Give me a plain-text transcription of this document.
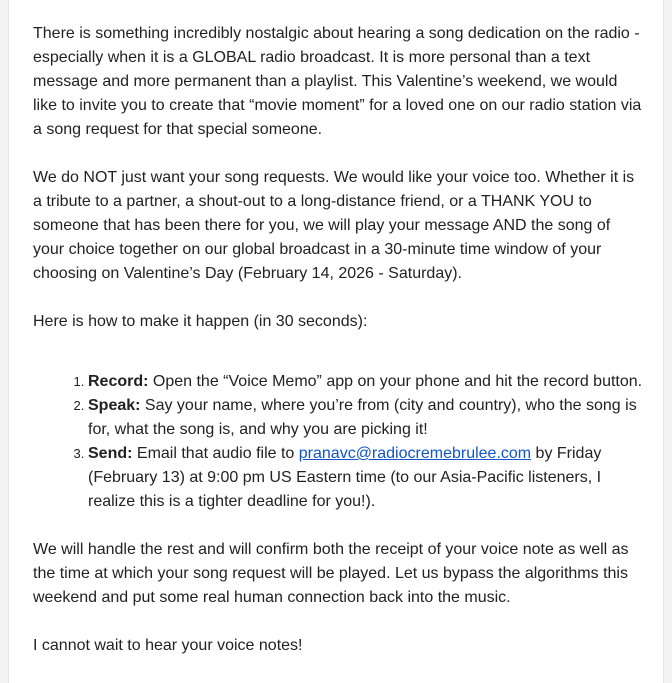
There is something incredibly nostalgic about hearing a song dedication on the radio - especially when it is a GLOBAL radio broadcast. It is more personal than a text message and more permanent than a playlist. This Valentine’s weekend, we would like to invite you to create that “movie moment” for a loved one on our radio station via a song request for that special someone.

We do NOT just want your song requests. We would like your voice too. Whether it is a tribute to a partner, a shout-out to a long-distance friend, or a THANK YOU to someone that has been there for you, we will play your message AND the song of your choice together on our global broadcast in a 30-minute time window of your choosing on Valentine’s Day (February 14, 2026 - Saturday).

Here is how to make it happen (in 30 seconds):

1. Record: Open the “Voice Memo” app on your phone and hit the record button.
2. Speak: Say your name, where you’re from (city and country), who the song is for, what the song is, and why you are picking it!
3. Send: Email that audio file to pranavc@radiocremebrulee.com by Friday (February 13) at 9:00 pm US Eastern time (to our Asia-Pacific listeners, I realize this is a tighter deadline for you!).

We will handle the rest and will confirm both the receipt of your voice note as well as the time at which your song request will be played. Let us bypass the algorithms this weekend and put some real human connection back into the music.

I cannot wait to hear your voice notes!
